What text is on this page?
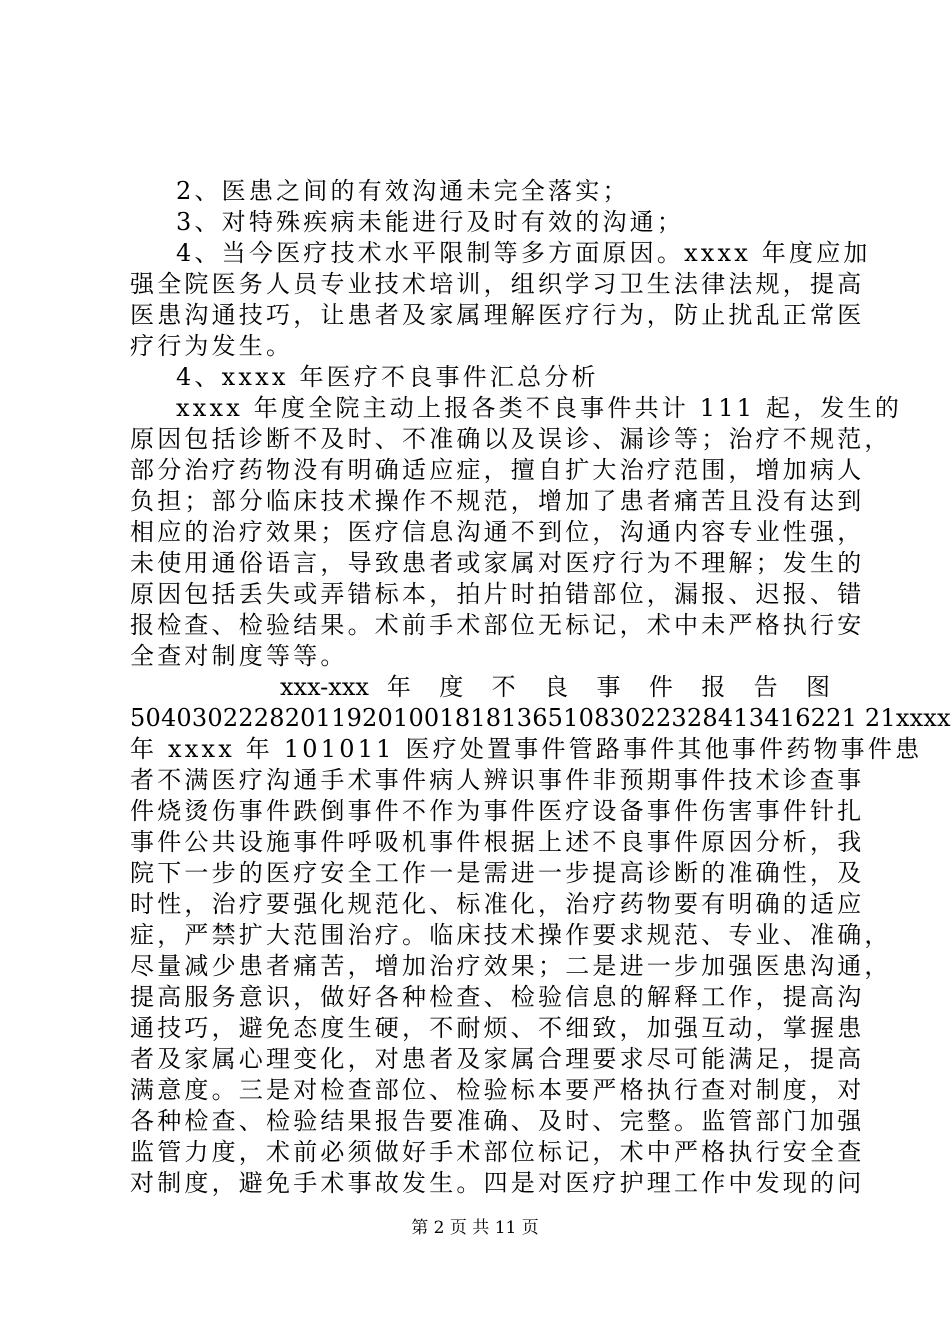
2、医患之间的有效沟通未完全落实；
3、对特殊疾病未能进行及时有效的沟通；
4、当今医疗技术水平限制等多方面原因。xxxx 年度应加
强全院医务人员专业技术培训，组织学习卫生法律法规，提高
医患沟通技巧，让患者及家属理解医疗行为，防止扰乱正常医
疗行为发生。
4、xxxx 年医疗不良事件汇总分析
xxxx 年度全院主动上报各类不良事件共计 111 起，发生的
原因包括诊断不及时、不准确以及误诊、漏诊等；治疗不规范，
部分治疗药物没有明确适应症，擅自扩大治疗范围，增加病人
负担；部分临床技术操作不规范，增加了患者痛苦且没有达到
相应的治疗效果；医疗信息沟通不到位，沟通内容专业性强，
未使用通俗语言，导致患者或家属对医疗行为不理解；发生的
原因包括丢失或弄错标本，拍片时拍错部位，漏报、迟报、错
报检查、检验结果。术前手术部位无标记，术中未严格执行安
全查对制度等等。
xxx-xxx 年 度 不 良 事 件 报 告 图
50403022282011920100181813651083022328413416221 21xxxx
年 xxxx 年 101011 医疗处置事件管路事件其他事件药物事件患
者不满医疗沟通手术事件病人辨识事件非预期事件技术诊查事
件烧烫伤事件跌倒事件不作为事件医疗设备事件伤害事件针扎
事件公共设施事件呼吸机事件根据上述不良事件原因分析，我
院下一步的医疗安全工作一是需进一步提高诊断的准确性，及
时性，治疗要强化规范化、标准化，治疗药物要有明确的适应
症，严禁扩大范围治疗。临床技术操作要求规范、专业、准确，
尽量减少患者痛苦，增加治疗效果；二是进一步加强医患沟通，
提高服务意识，做好各种检查、检验信息的解释工作，提高沟
通技巧，避免态度生硬，不耐烦、不细致，加强互动，掌握患
者及家属心理变化，对患者及家属合理要求尽可能满足，提高
满意度。三是对检查部位、检验标本要严格执行查对制度，对
各种检查、检验结果报告要准确、及时、完整。监管部门加强
监管力度，术前必须做好手术部位标记，术中严格执行安全查
对制度，避免手术事故发生。四是对医疗护理工作中发现的问
第 2 页 共 11 页
